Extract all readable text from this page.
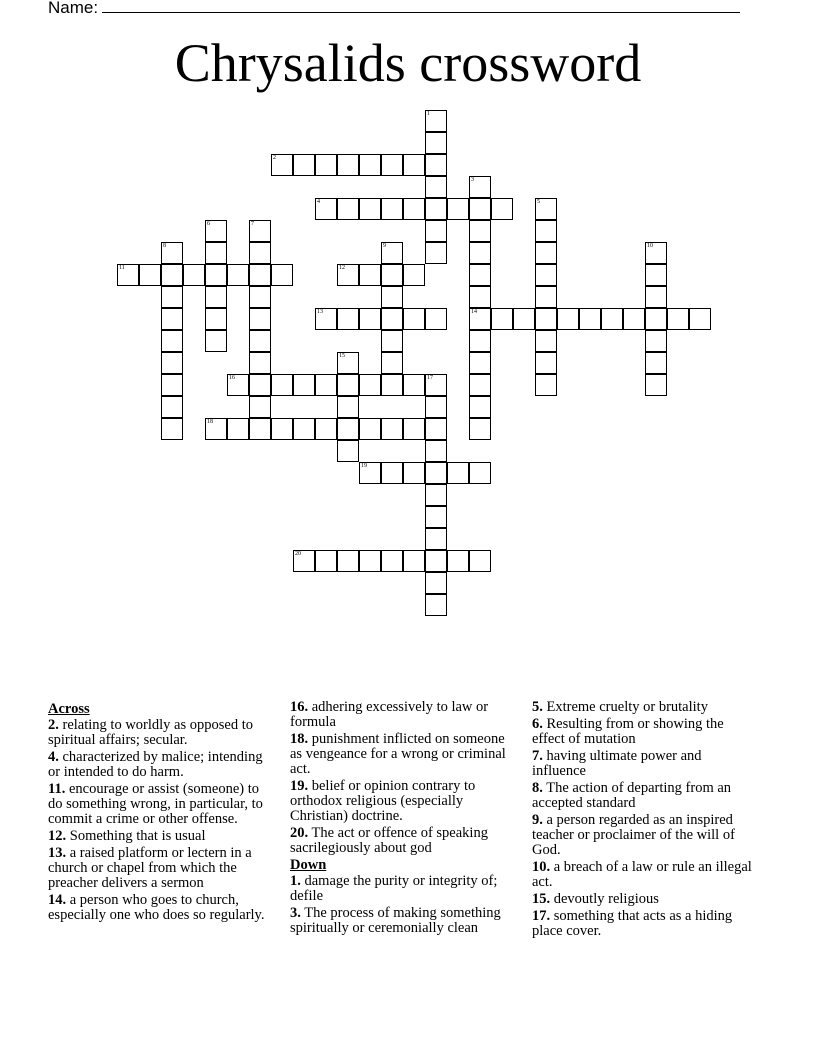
Name:
Chrysalids crossword
1
2
3
14
4	5
6	7
8	9	10
11	12
13
15
16	17
18
19
20
Across
2. relating to worldly as opposed to spiritual affairs; secular.
4. characterized by malice; intending or intended to do harm.
11. encourage or assist (someone) to do something wrong, in particular, to commit a crime or other offense.
12. Something that is usual
13. a raised platform or lectern in a church or chapel from which the preacher delivers a sermon
14. a person who goes to church, especially one who does so regularly.
16. adhering excessively to law or formula
18. punishment inflicted on someone as vengeance for a wrong or criminal act.
19. belief or opinion contrary to orthodox religious (especially Christian) doctrine.
20. The act or offence of speaking sacrilegiously about god
Down
1. damage the purity or integrity of; defile
3. The process of making something spiritually or ceremonially clean
5. Extreme cruelty or brutality
6. Resulting from or showing the effect of mutation
7. having ultimate power and influence
8. The action of departing from an accepted standard
9. a person regarded as an inspired teacher or proclaimer of the will of God.
10. a breach of a law or rule an illegal act.
15. devoutly religious
17. something that acts as a hiding place cover.
